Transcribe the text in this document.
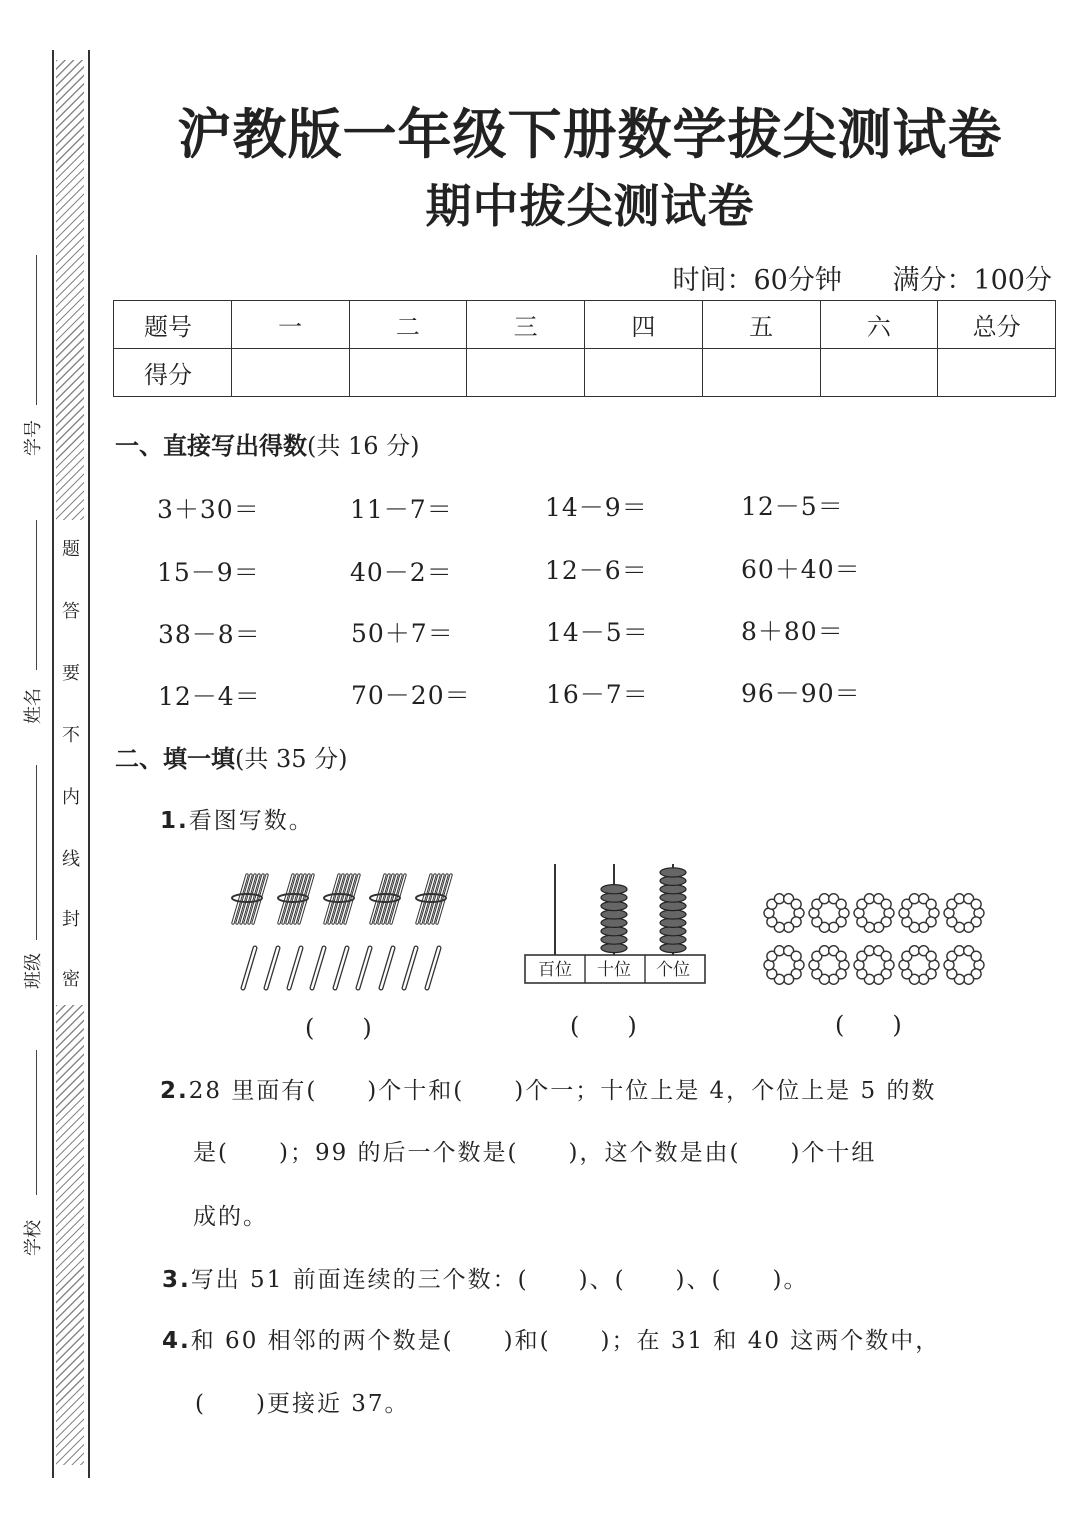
学号
姓名
班级
学校
题
答
要
不
内
线
封
密
沪教版一年级下册数学拔尖测试卷
期中拔尖测试卷
时间：60分钟 满分：100分
题号	一	二	三	四	五	六	总分
得分							
一、直接写出得数(共 16 分)
3＋30＝	11－7＝	14－9＝	12－5＝
15－9＝	40－2＝	12－6＝	60＋40＝
38－8＝	50＋7＝	14－5＝	8＋80＝
12－4＝	70－20＝	16－7＝	96－90＝
二、填一填(共 35 分)
1.看图写数。
百位 十位 个位
(　　)	(　　)	(　　)
2.28 里面有(　　)个十和(　　)个一；十位上是 4，个位上是 5 的数
是(　　)；99 的后一个数是(　　)，这个数是由(　　)个十组
成的。
3.写出 51 前面连续的三个数：(　　)、(　　)、(　　)。
4.和 60 相邻的两个数是(　　)和(　　)；在 31 和 40 这两个数中，
(　　)更接近 37。
